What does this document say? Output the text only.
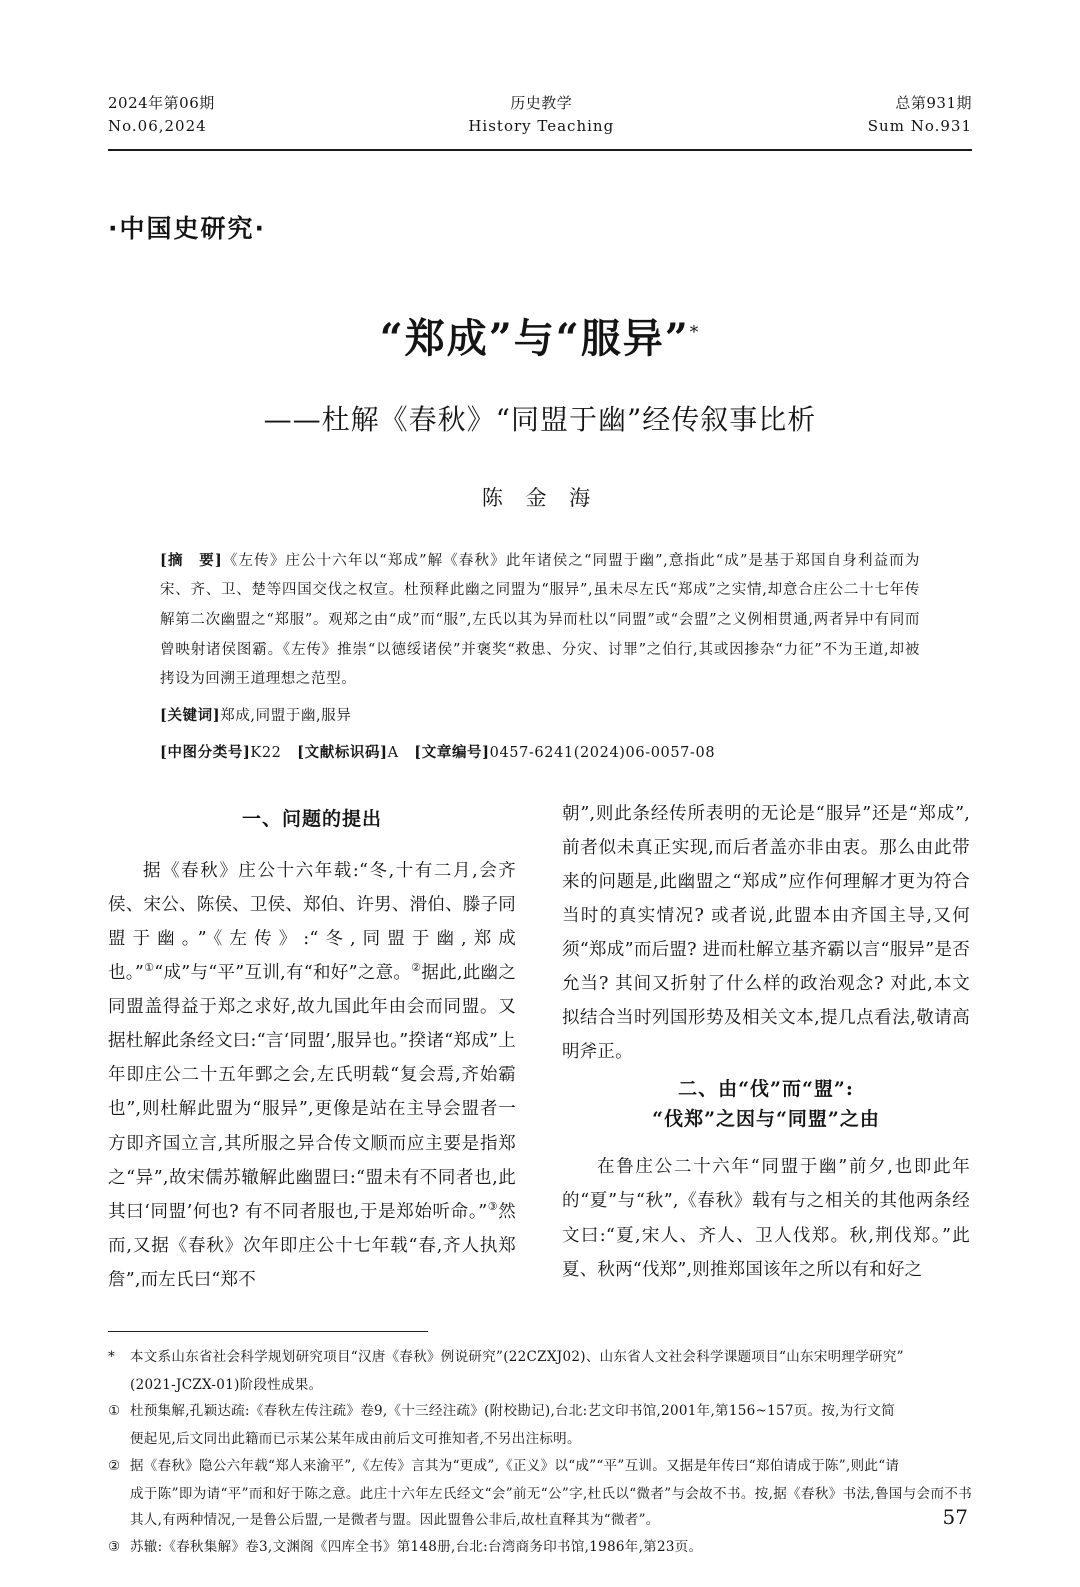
2024年第06期
No.06,2024
历史教学
History Teaching
总第931期
Sum No.931
·中国史研究·
“郑成”与“服异”*
——杜解《春秋》“同盟于幽”经传叙事比析
陈 金 海

[摘　要]《左传》庄公十六年以“郑成”解《春秋》此年诸侯之“同盟于幽”,意指此“成”是基于郑国自身利益而为宋、齐、卫、楚等四国交伐之权宣。杜预释此幽之同盟为“服异”,虽未尽左氏“郑成”之实情,却意合庄公二十七年传解第二次幽盟之“郑服”。观郑之由“成”而“服”,左氏以其为异而杜以“同盟”或“会盟”之义例相贯通,两者异中有同而曾映射诸侯图霸。《左传》推崇“以德绥诸侯”并褒奖“救患、分灾、讨罪”之伯行,其或因掺杂“力征”不为王道,却被拷设为回溯王道理想之范型。

[关键词]郑成,同盟于幽,服异

[中图分类号]K22 [文献标识码]A [文章编号]0457-6241(2024)06-0057-08

一、问题的提出

据《春秋》庄公十六年载:“冬,十有二月,会齐侯、宋公、陈侯、卫侯、郑伯、许男、滑伯、滕子同盟于幽。”《左传》:“冬,同盟于幽,郑成也。”①“成”与“平”互训,有“和好”之意。②据此,此幽之同盟盖得益于郑之求好,故九国此年由会而同盟。又据杜解此条经文曰:“言‘同盟’,服异也。”揆诸“郑成”上年即庄公二十五年鄄之会,左氏明载“复会焉,齐始霸也”,则杜解此盟为“服异”,更像是站在主导会盟者一方即齐国立言,其所服之异合传文顺而应主要是指郑之“异”,故宋儒苏辙解此幽盟曰:“盟未有不同者也,此其曰‘同盟’何也? 有不同者服也,于是郑始听命。”③然而,又据《春秋》次年即庄公十七年载“春,齐人执郑詹”,而左氏曰“郑不

朝”,则此条经传所表明的无论是“服异”还是“郑成”,前者似未真正实现,而后者盖亦非由衷。那么由此带来的问题是,此幽盟之“郑成”应作何理解才更为符合当时的真实情况? 或者说,此盟本由齐国主导,又何须“郑成”而后盟? 进而杜解立基齐霸以言“服异”是否允当? 其间又折射了什么样的政治观念? 对此,本文拟结合当时列国形势及相关文本,提几点看法,敬请高明斧正。

二、由“伐”而“盟”:
“伐郑”之因与“同盟”之由

在鲁庄公二十六年“同盟于幽”前夕,也即此年的“夏”与“秋”,《春秋》载有与之相关的其他两条经文曰:“夏,宋人、齐人、卫人伐郑。秋,荆伐郑。”此夏、秋两“伐郑”,则推郑国该年之所以有和好之

*	本文系山东省社会科学规划研究项目“汉唐《春秋》例说研究”(22CZXJ02)、山东省人文社会科学课题项目“山东宋明理学研究”
(2021-JCZX-01)阶段性成果。
① 杜预集解,孔颖达疏:《春秋左传注疏》卷9,《十三经注疏》(附校勘记),台北:艺文印书馆,2001年,第156~157页。按,为行文简
便起见,后文同出此籍而已示某公某年成由前后文可推知者,不另出注标明。
② 据《春秋》隐公六年载“郑人来渝平”,《左传》言其为“更成”,《正义》以“成”“平”互训。又据是年传曰“郑伯请成于陈”,则此“请
成于陈”即为请“平”而和好于陈之意。此庄十六年左氏经文“会”前无“公”字,杜氏以“微者”与会故不书。按,据《春秋》书法,鲁国与会而不书其人,有两种情况,一是鲁公后盟,一是微者与盟。因此盟鲁公非后,故杜直释其为“微者”。
③ 苏辙:《春秋集解》卷3,文渊阁《四库全书》第148册,台北:台湾商务印书馆,1986年,第23页。
57
